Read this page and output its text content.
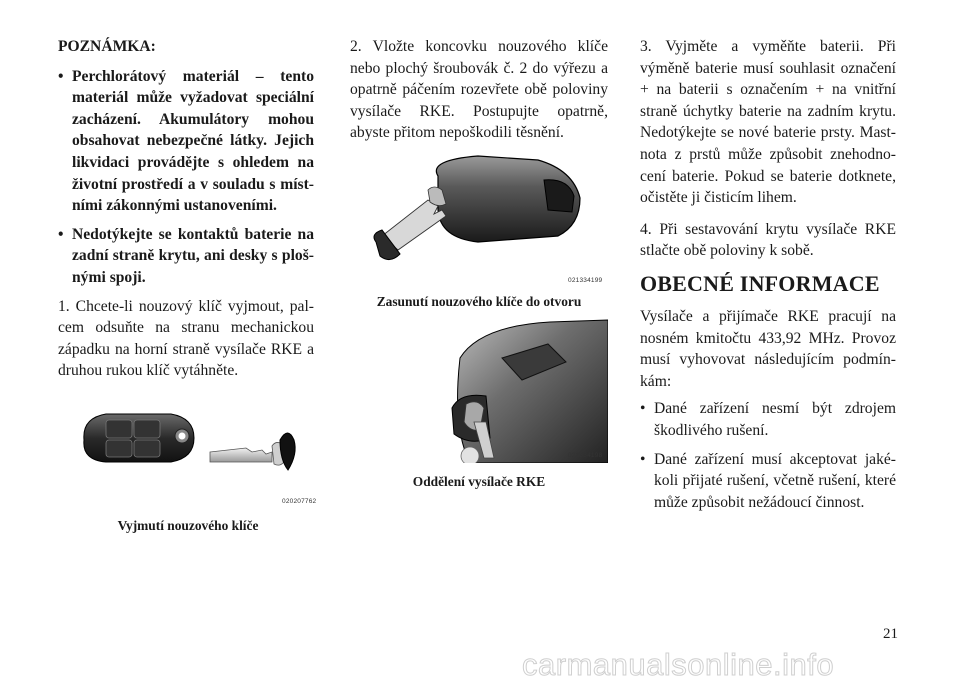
POZNÁMKA:

• Perchlorátový materiál – tento materiál může vyžadovat speciální zacházení. Akumulátory mohou obsahovat nebezpečné látky. Jejich likvidaci provádějte s ohledem na životní prostředí a v souladu s míst-ními zákonnými ustanoveními.
• Nedotýkejte se kontaktů baterie na zadní straně krytu, ani desky s ploš-nými spoji.

1. Chcete-li nouzový klíč vyjmout, pal-cem odsuňte na stranu mechanickou západku na horní straně vysílače RKE a druhou rukou klíč vytáhněte.

020207762
Vyjmutí nouzového klíče

2. Vložte koncovku nouzového klíče nebo plochý šroubovák č. 2 do výřezu a opatrně páčením rozevřete obě poloviny vysílače RKE. Postupujte opatrně, abyste přitom nepoškodili těsnění.

021334199
Zasunutí nouzového klíče do otvoru
021334198
Oddělení vysílače RKE

3. Vyjměte a vyměňte baterii. Při výměně baterie musí souhlasit označení + na baterii s označením + na vnitřní straně úchytky baterie na zadním krytu. Nedotýkejte se nové baterie prsty. Mast-nota z prstů může způsobit znehodno-cení baterie. Pokud se baterie dotknete, očistěte ji čisticím lihem.

4. Při sestavování krytu vysílače RKE stlačte obě poloviny k sobě.

OBECNÉ INFORMACE

Vysílače a přijímače RKE pracují na nosném kmitočtu 433,92 MHz. Provoz musí vyhovovat následujícím podmín-kám:

• Dané zařízení nesmí být zdrojem škodlivého rušení.
• Dané zařízení musí akceptovat jaké-koli přijaté rušení, včetně rušení, které může způsobit nežádoucí činnost.
21
carmanualsonline.info
